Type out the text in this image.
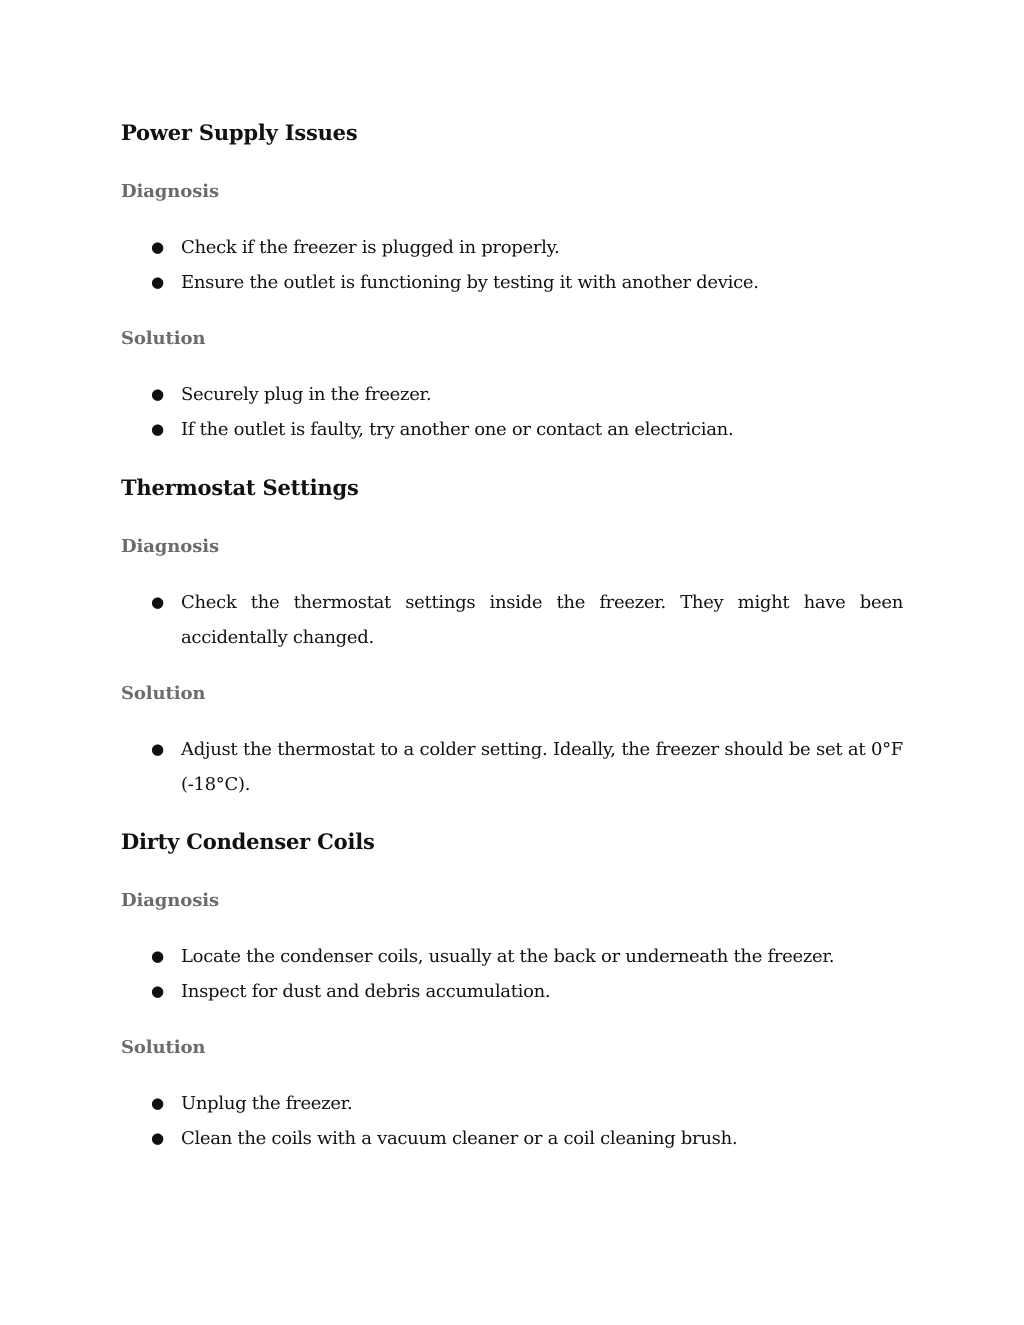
Power Supply Issues
Diagnosis
● Check if the freezer is plugged in properly.
● Ensure the outlet is functioning by testing it with another device.
Solution
● Securely plug in the freezer.
● If the outlet is faulty, try another one or contact an electrician.
Thermostat Settings
Diagnosis
● Check the thermostat settings inside the freezer. They might have been accidentally changed.
Solution
● Adjust the thermostat to a colder setting. Ideally, the freezer should be set at 0°F (-18°C).
Dirty Condenser Coils
Diagnosis
● Locate the condenser coils, usually at the back or underneath the freezer.
● Inspect for dust and debris accumulation.
Solution
● Unplug the freezer.
● Clean the coils with a vacuum cleaner or a coil cleaning brush.
